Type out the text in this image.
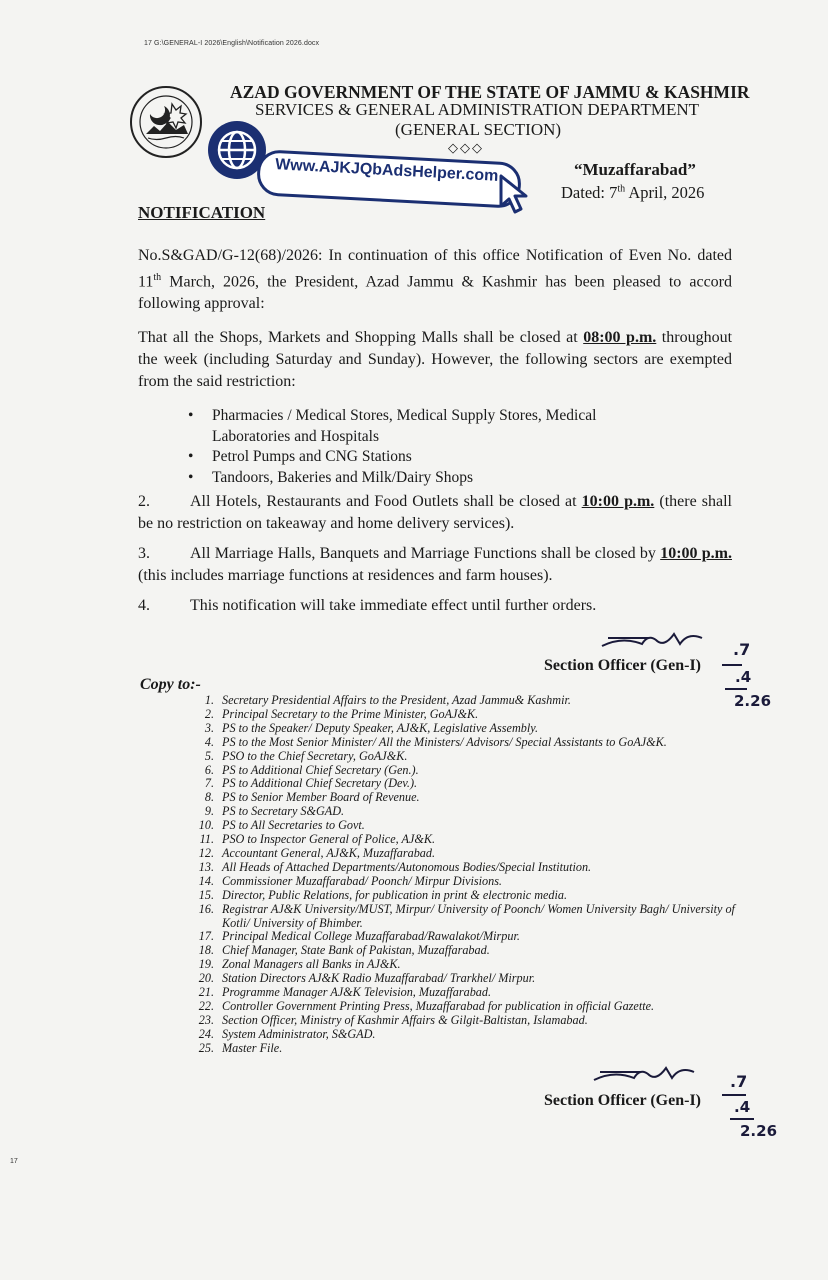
17 G:\GENERAL-I 2026\English\Notification 2026.docx
Www.AJKJQbAdsHelper.com
AZAD GOVERNMENT OF THE STATE OF JAMMU & KASHMIR
SERVICES & GENERAL ADMINISTRATION DEPARTMENT
(GENERAL SECTION)
◇◇◇
“Muzaffarabad”
Dated: 7th April, 2026
NOTIFICATION
No.S&GAD/G-12(68)/2026: In continuation of this office Notification of Even No. dated 11th March, 2026, the President, Azad Jammu & Kashmir has been pleased to accord following approval:
That all the Shops, Markets and Shopping Malls shall be closed at 08:00 p.m. throughout the week (including Saturday and Sunday). However, the following sectors are exempted from the said restriction:
•	Pharmacies / Medical Stores, Medical Supply Stores, Medical
Laboratories and Hospitals
•	Petrol Pumps and CNG Stations
•	Tandoors, Bakeries and Milk/Dairy Shops
2.	All Hotels, Restaurants and Food Outlets shall be closed at 10:00 p.m. (there shall be no restriction on takeaway and home delivery services).
3.	All Marriage Halls, Banquets and Marriage Functions shall be closed by 10:00 p.m. (this includes marriage functions at residences and farm houses).
4.	This notification will take immediate effect until further orders.
Section Officer (Gen-I)
.7
.4
2.26
Copy to:-
1. Secretary Presidential Affairs to the President, Azad Jammu& Kashmir.
2. Principal Secretary to the Prime Minister, GoAJ&K.
3. PS to the Speaker/ Deputy Speaker, AJ&K, Legislative Assembly.
4. PS to the Most Senior Minister/ All the Ministers/ Advisors/ Special Assistants to GoAJ&K.
5. PSO to the Chief Secretary, GoAJ&K.
6. PS to Additional Chief Secretary (Gen.).
7. PS to Additional Chief Secretary (Dev.).
8. PS to Senior Member Board of Revenue.
9. PS to Secretary S&GAD.
10. PS to All Secretaries to Govt.
11. PSO to Inspector General of Police, AJ&K.
12. Accountant General, AJ&K, Muzaffarabad.
13. All Heads of Attached Departments/Autonomous Bodies/Special Institution.
14. Commissioner Muzaffarabad/ Poonch/ Mirpur Divisions.
15. Director, Public Relations, for publication in print & electronic media.
16. Registrar AJ&K University/MUST, Mirpur/ University of Poonch/ Women University Bagh/ University of Kotli/ University of Bhimber.
17. Principal Medical College Muzaffarabad/Rawalakot/Mirpur.
18. Chief Manager, State Bank of Pakistan, Muzaffarabad.
19. Zonal Managers all Banks in AJ&K.
20. Station Directors AJ&K Radio Muzaffarabad/ Trarkhel/ Mirpur.
21. Programme Manager AJ&K Television, Muzaffarabad.
22. Controller Government Printing Press, Muzaffarabad for publication in official Gazette.
23. Section Officer, Ministry of Kashmir Affairs & Gilgit-Baltistan, Islamabad.
24. System Administrator, S&GAD.
25. Master File.
Section Officer (Gen-I)
.7
.4
2.26
17
